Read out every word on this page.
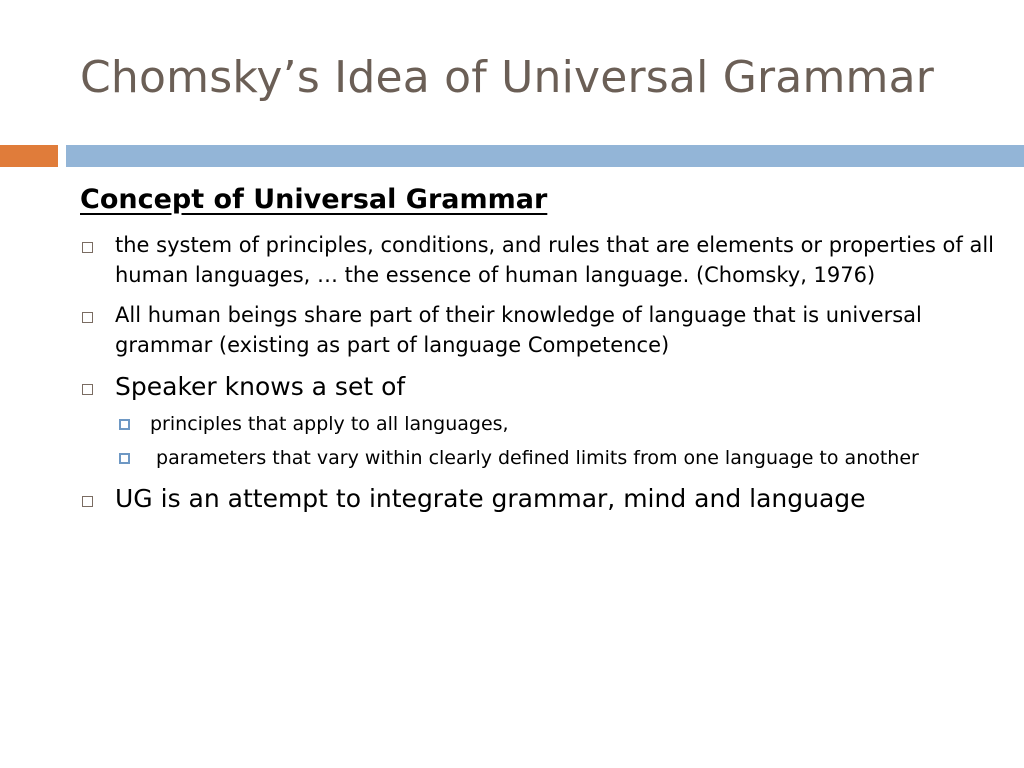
Chomsky’s Idea of Universal Grammar
Concept of Universal Grammar
the system of principles, conditions, and rules that are elements or properties of all human languages, … the essence of human language. (Chomsky, 1976)
All human beings share part of their knowledge of language that is universal grammar (existing as part of language Competence)
Speaker knows a set of
principles that apply to all languages,
parameters that vary within clearly defined limits from one language to another
UG is an attempt to integrate grammar, mind and language
